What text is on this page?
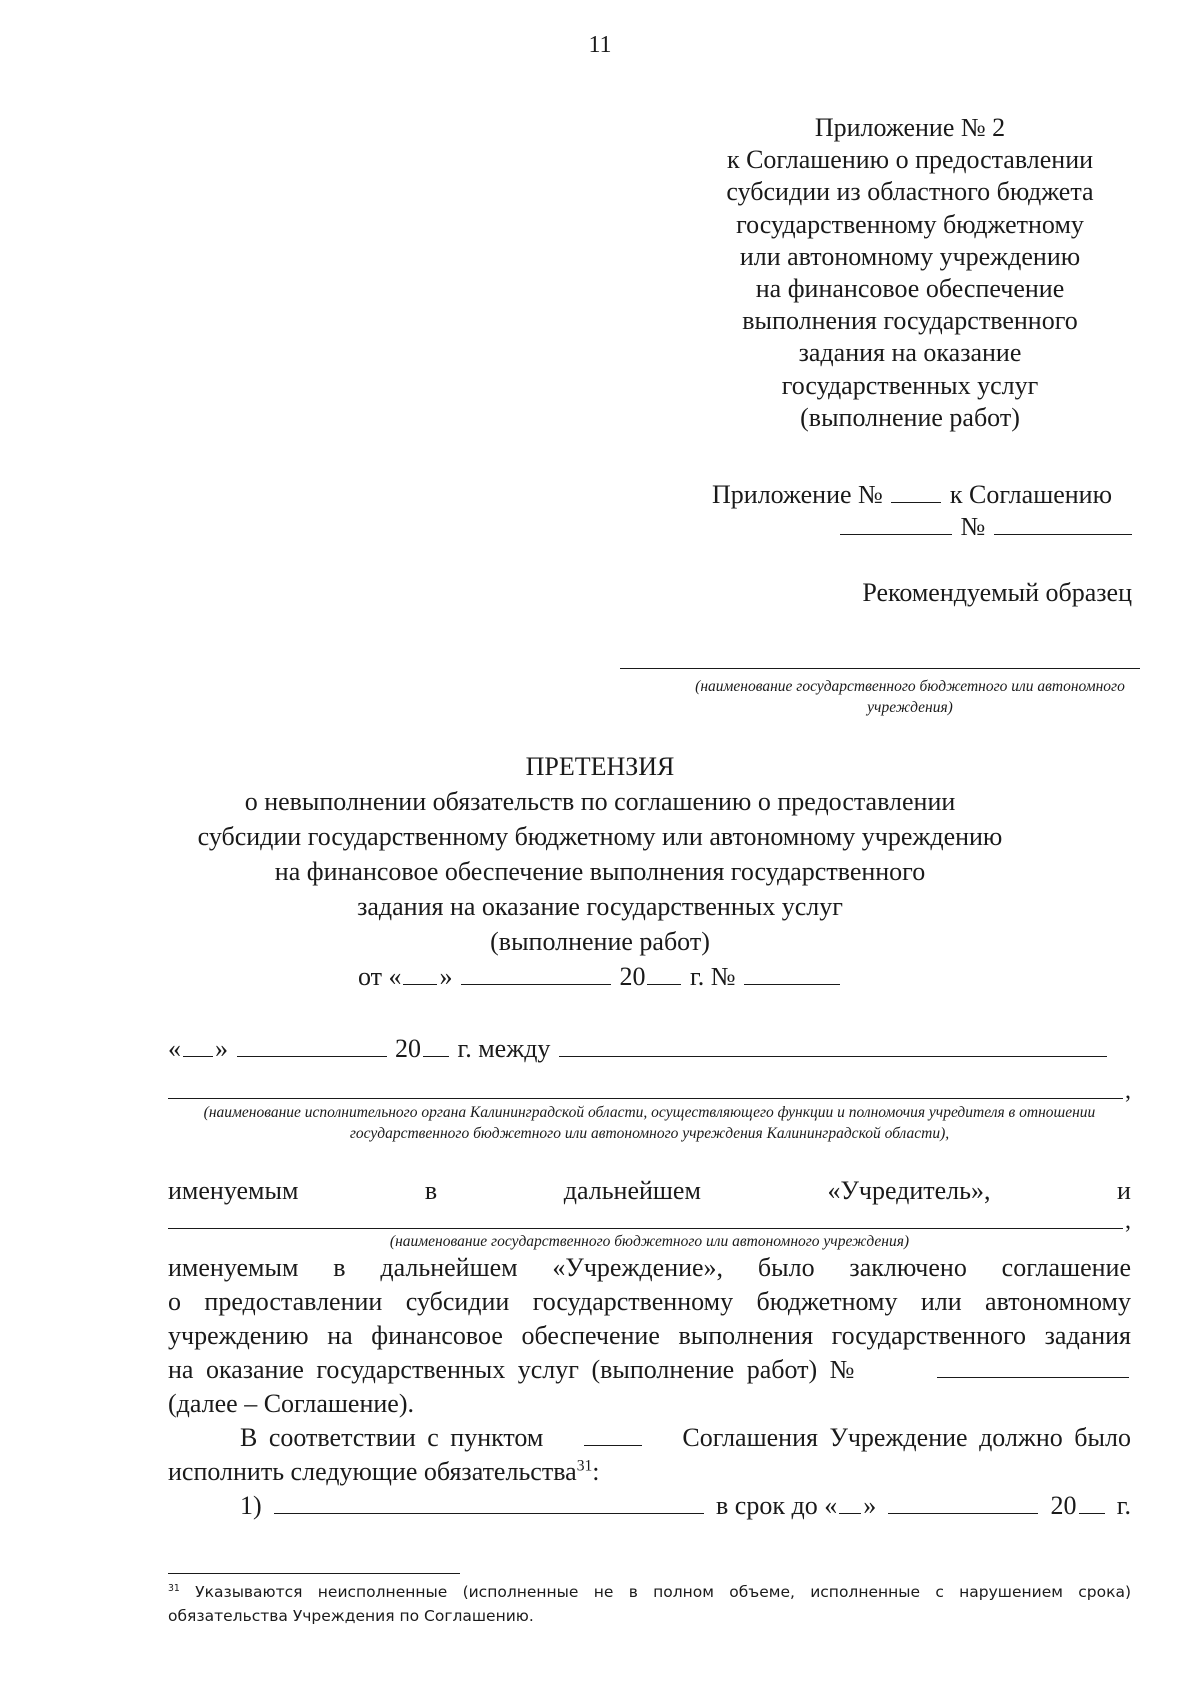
11
Приложение № 2
к Соглашению о предоставлении
субсидии из областного бюджета
государственному бюджетному
или автономному учреждению
на финансовое обеспечение
выполнения государственного
задания на оказание
государственных услуг
(выполнение работ)
Приложение №	к Соглашению
№
Рекомендуемый образец
(наименование государственного бюджетного или автономного учреждения)
ПРЕТЕНЗИЯ
о невыполнении обязательств по соглашению о предоставлении
субсидии государственному бюджетному или автономному учреждению
на финансовое обеспечение выполнения государственного
задания на оказание государственных услуг
(выполнение работ)
от « »	20 г. №
« »	20 г. между
,
(наименование исполнительного органа Калининградской области, осуществляющего функции и полномочия учредителя в отношении государственного бюджетного или автономного учреждения Калининградской области),
именуемым	в	дальнейшем	«Учредитель»,	и
,
(наименование государственного бюджетного или автономного учреждения)
именуемым в дальнейшем «Учреждение», было заключено соглашение
о предоставлении субсидии государственному бюджетному или автономному
учреждению на финансовое обеспечение выполнения государственного задания
на оказание государственных услуг (выполнение работ) №
(далее – Соглашение).
В соответствии с пунктом	Соглашения Учреждение должно было
исполнить следующие обязательства$^{31}$:
1)	в срок до « »	20	г.
$^{31}$ Указываются неисполненные (исполненные не в полном объеме, исполненные с нарушением срока) обязательства Учреждения по Соглашению.
